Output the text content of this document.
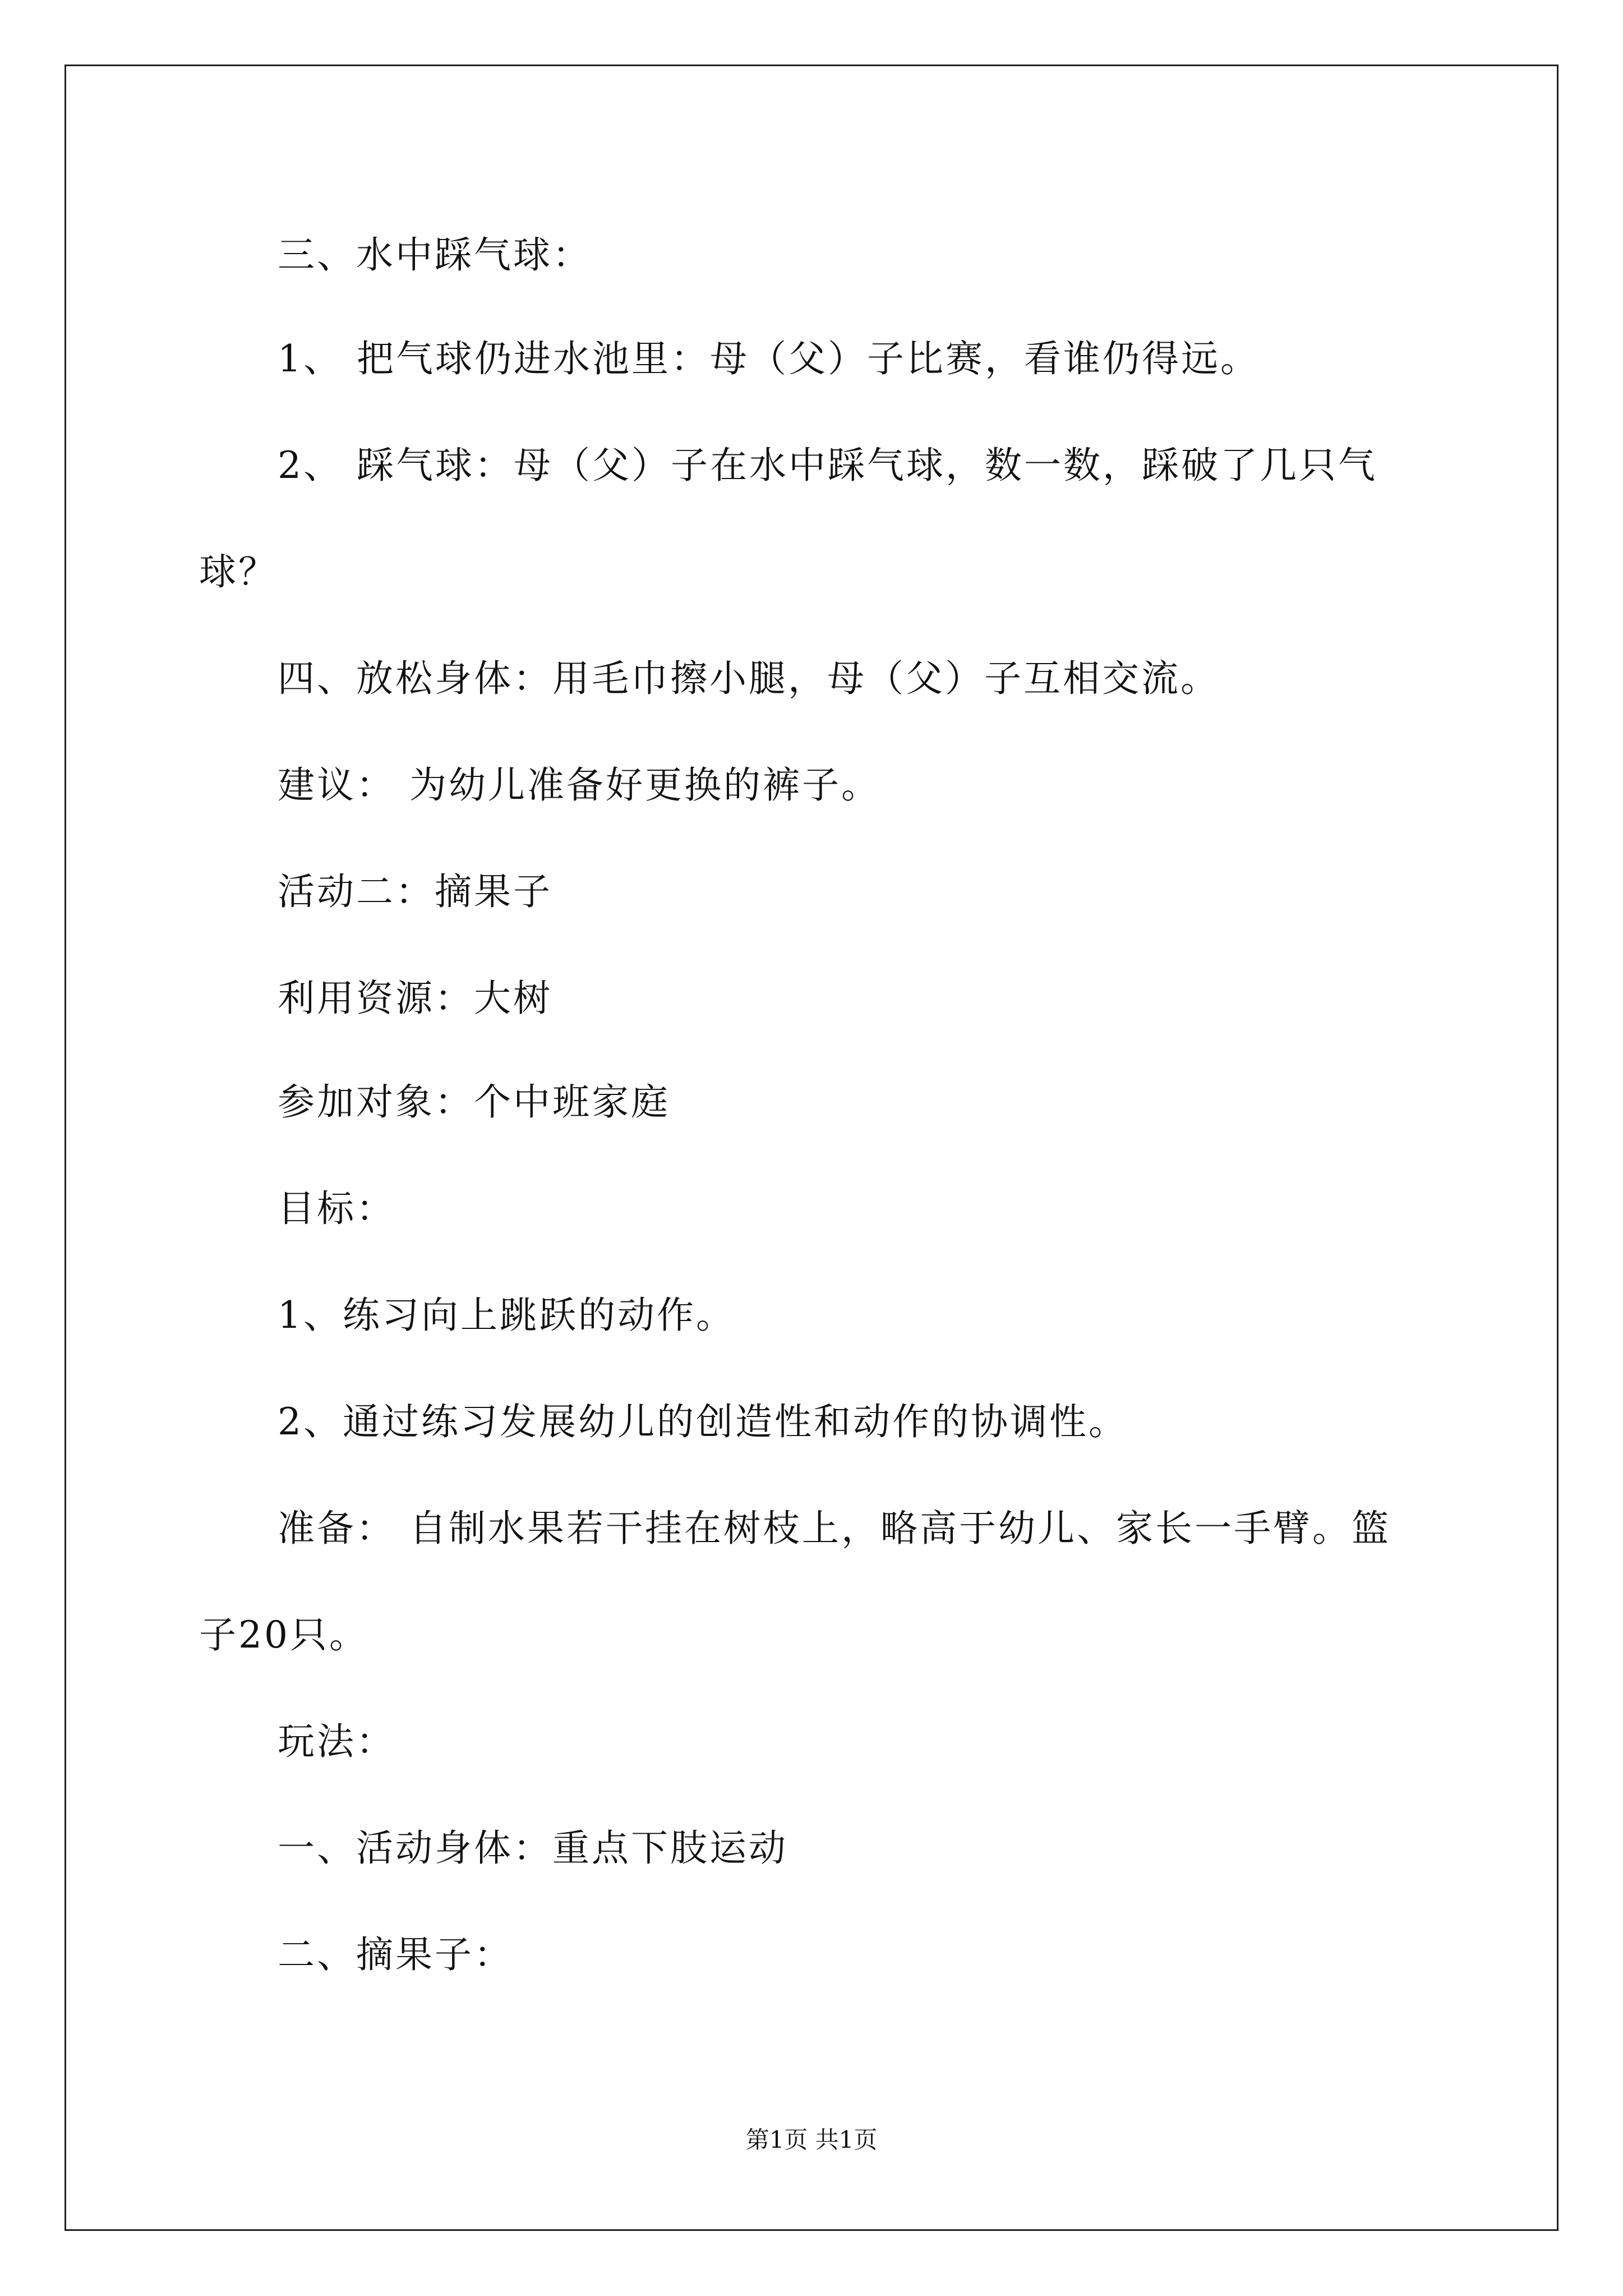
三、水中踩气球：
1、 把气球仍进水池里：母（父）子比赛，看谁仍得远。
2、 踩气球：母（父）子在水中踩气球，数一数，踩破了几只气
球？
四、放松身体：用毛巾擦小腿，母（父）子互相交流。
建议： 为幼儿准备好更换的裤子。
活动二：摘果子
利用资源：大树
参加对象：个中班家庭
目标：
1、练习向上跳跃的动作。
2、通过练习发展幼儿的创造性和动作的协调性。
准备： 自制水果若干挂在树枝上，略高于幼儿、家长一手臂。篮
子20只。
玩法：
一、活动身体：重点下肢运动
二、摘果子：
第1页 共1页
